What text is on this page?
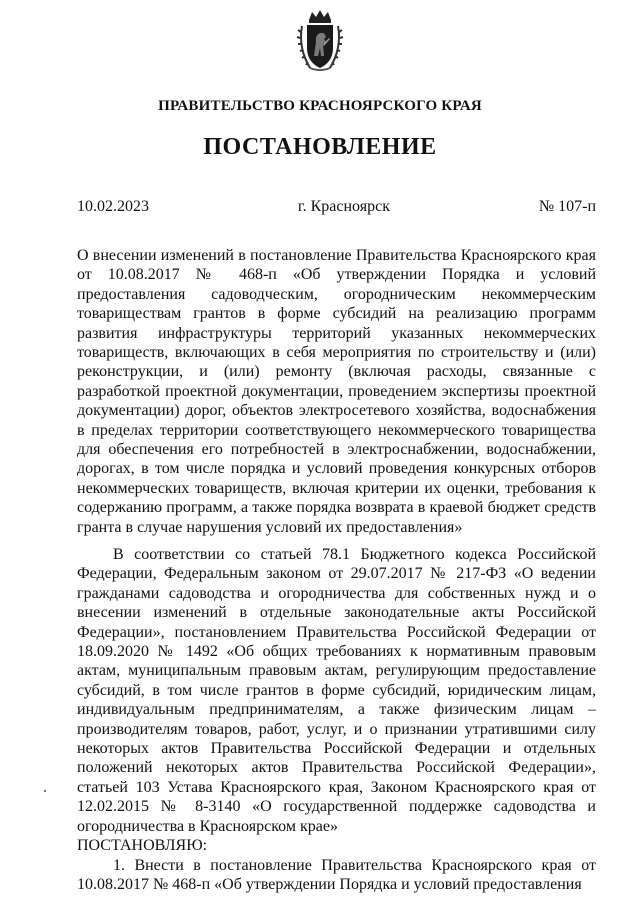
ПРАВИТЕЛЬСТВО КРАСНОЯРСКОГО КРАЯ
ПОСТАНОВЛЕНИЕ
10.02.2023	г. Красноярск	№ 107-п
О внесении изменений в постановление Правительства Красноярского края от 10.08.2017 № 468-п «Об утверждении Порядка и условий предоставления садоводческим, огородническим некоммерческим товариществам грантов в форме субсидий на реализацию программ развития инфраструктуры территорий указанных некоммерческих товариществ, включающих в себя мероприятия по строительству и (или) реконструкции, и (или) ремонту (включая расходы, связанные с разработкой проектной документации, проведением экспертизы проектной документации) дорог, объектов электросетевого хозяйства, водоснабжения в пределах территории соответствующего некоммерческого товарищества для обеспечения его потребностей в электроснабжении, водоснабжении, дорогах, в том числе порядка и условий проведения конкурсных отборов некоммерческих товариществ, включая критерии их оценки, требования к содержанию программ, а также порядка возврата в краевой бюджет средств гранта в случае нарушения условий их предоставления»

В соответствии со статьей 78.1 Бюджетного кодекса Российской Федерации, Федеральным законом от 29.07.2017 № 217-ФЗ «О ведении гражданами садоводства и огородничества для собственных нужд и о внесении изменений в отдельные законодательные акты Российской Федерации», постановлением Правительства Российской Федерации от 18.09.2020 № 1492 «Об общих требованиях к нормативным правовым актам, муниципальным правовым актам, регулирующим предоставление субсидий, в том числе грантов в форме субсидий, юридическим лицам, индивидуальным предпринимателям, а также физическим лицам – производителям товаров, работ, услуг, и о признании утратившими силу некоторых актов Правительства Российской Федерации и отдельных положений некоторых актов Правительства Российской Федерации», статьей 103 Устава Красноярского края, Законом Красноярского края от 12.02.2015 № 8-3140 «О государственной поддержке садоводства и огородничества в Красноярском крае»

ПОСТАНОВЛЯЮ:

1. Внести в постановление Правительства Красноярского края от 10.08.2017 № 468-п «Об утверждении Порядка и условий предоставления
